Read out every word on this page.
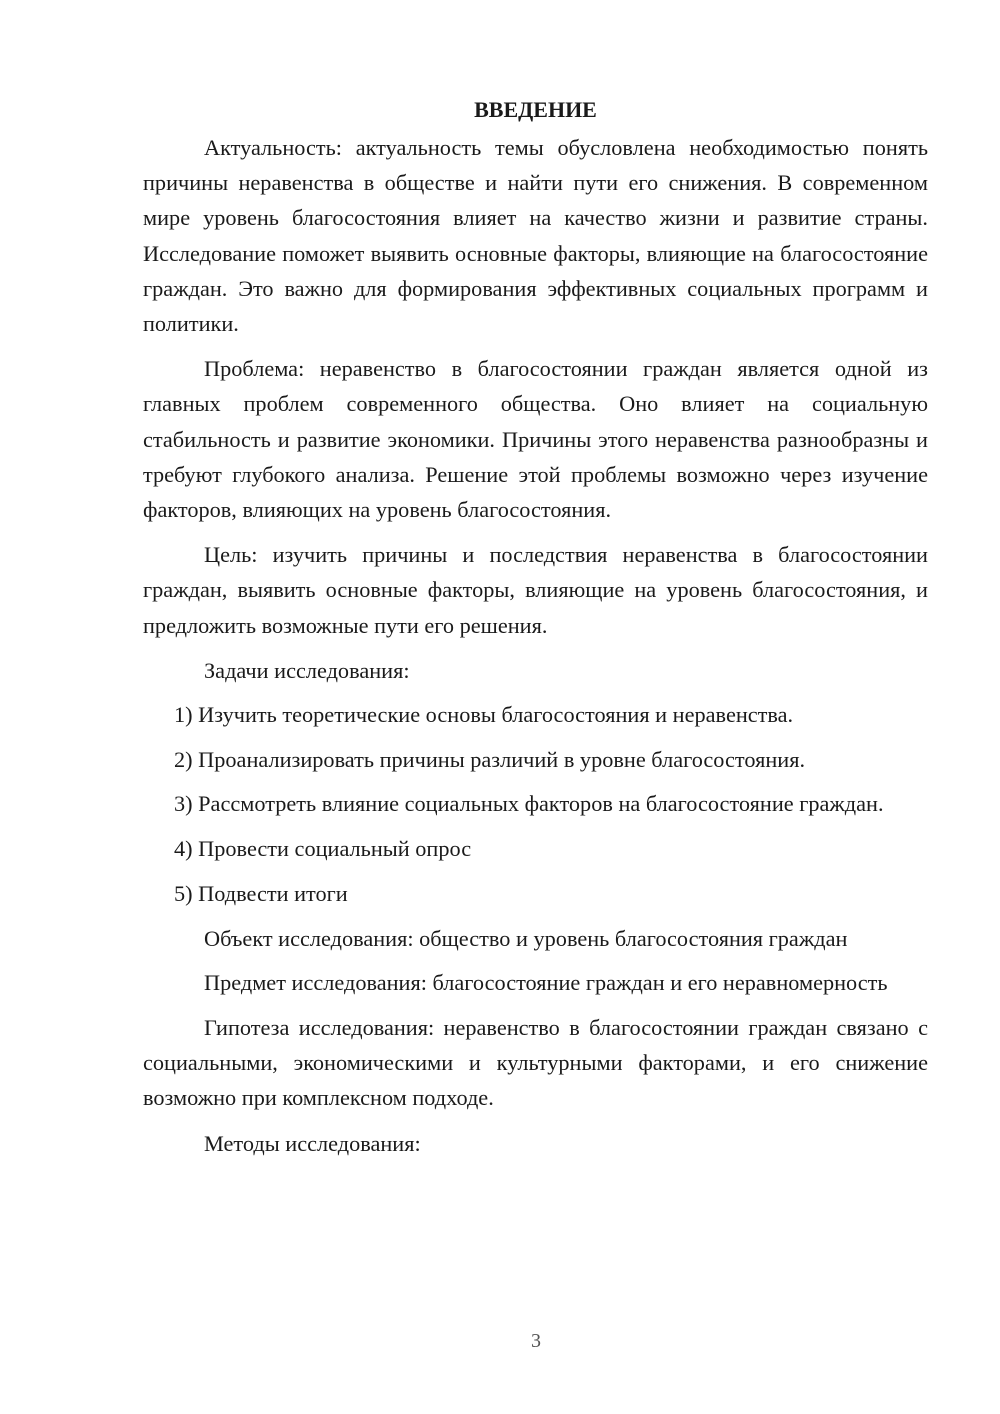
ВВЕДЕНИЕ

Актуальность: актуальность темы обусловлена необходимостью понять причины неравенства в обществе и найти пути его снижения. В современном мире уровень благосостояния влияет на качество жизни и развитие страны. Исследование поможет выявить основные факторы, влияющие на благосостояние граждан. Это важно для формирования эффективных социальных программ и политики.

Проблема: неравенство в благосостоянии граждан является одной из главных проблем современного общества. Оно влияет на социальную стабильность и развитие экономики. Причины этого неравенства разнообразны и требуют глубокого анализа. Решение этой проблемы возможно через изучение факторов, влияющих на уровень благосостояния.

Цель: изучить причины и последствия неравенства в благосостоянии граждан, выявить основные факторы, влияющие на уровень благосостояния, и предложить возможные пути его решения.

Задачи исследования:

1) Изучить теоретические основы благосостояния и неравенства.

2) Проанализировать причины различий в уровне благосостояния.

3) Рассмотреть влияние социальных факторов на благосостояние граждан.

4) Провести социальный опрос

5) Подвести итоги

Объект исследования: общество и уровень благосостояния граждан

Предмет исследования: благосостояние граждан и его неравномерность

Гипотеза исследования: неравенство в благосостоянии граждан связано с социальными, экономическими и культурными факторами, и его снижение возможно при комплексном подходе.

Методы исследования:

3
